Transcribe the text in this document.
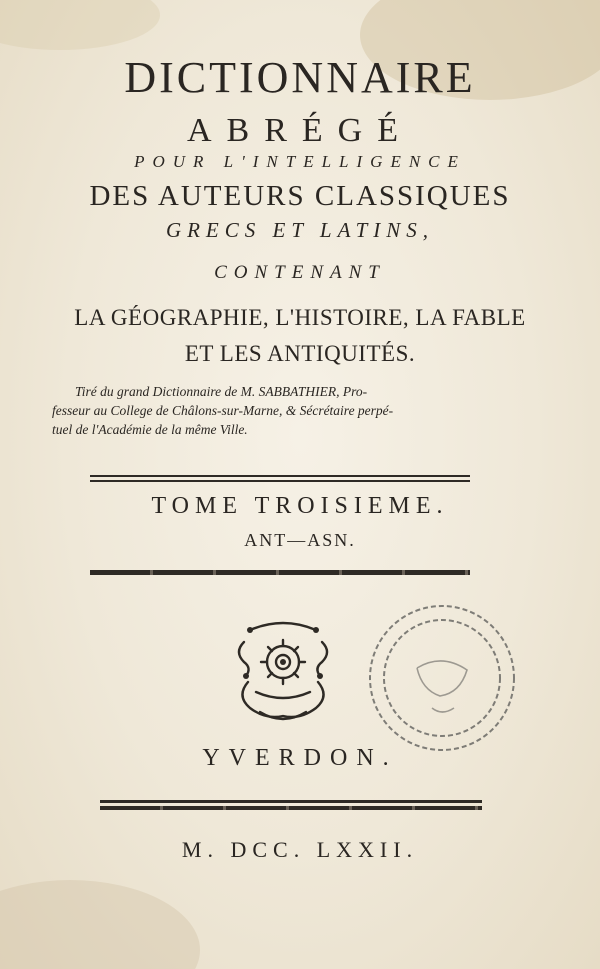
DICTIONNAIRE
ABRÉGÉ
POUR L'INTELLIGENCE
DES AUTEURS CLASSIQUES
GRECS ET LATINS,
CONTENANT
LA GÉOGRAPHIE, L'HISTOIRE, LA FABLE
ET LES ANTIQUITÉS.
Tiré du grand Dictionnaire de M. SABBATHIER, Pro-
fesseur au College de Châlons-sur-Marne, & Sécrétaire perpé-
tuel de l'Académie de la même Ville.
TOME TROISIEME.
ANT—ASN.
YVERDON.
M. DCC. LXXII.
